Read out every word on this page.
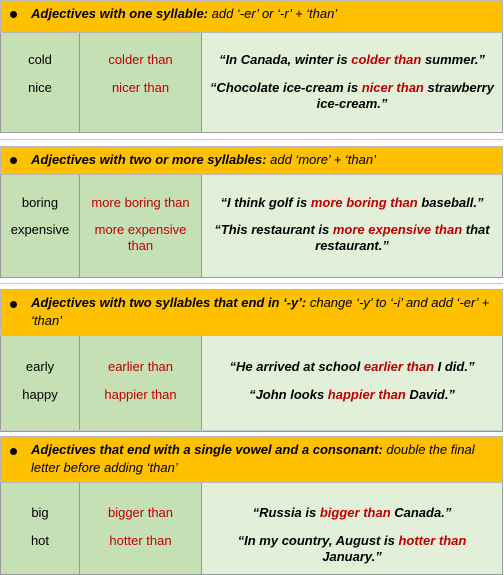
Adjectives with one syllable: add ‘-er’ or ‘-r’ + ‘than’
cold
nice
colder than
nicer than
“In Canada, winter is colder than summer.”
“Chocolate ice-cream is nicer than strawberry ice-cream.”
Adjectives with two or more syllables: add ‘more’ + ‘than’
boring
expensive
more boring than
more expensive than
“I think golf is more boring than baseball.”
“This restaurant is more expensive than that restaurant.”
Adjectives with two syllables that end in ‘-y’: change ‘-y’ to ‘-i’ and add ‘-er’ + ‘than’
early
happy
earlier than
happier than
“He arrived at school earlier than I did.”
“John looks happier than David.”
Adjectives that end with a single vowel and a consonant: double the final letter before adding ‘than’
big
hot
bigger than
hotter than
“Russia is bigger than Canada.”
“In my country, August is hotter than January.”
